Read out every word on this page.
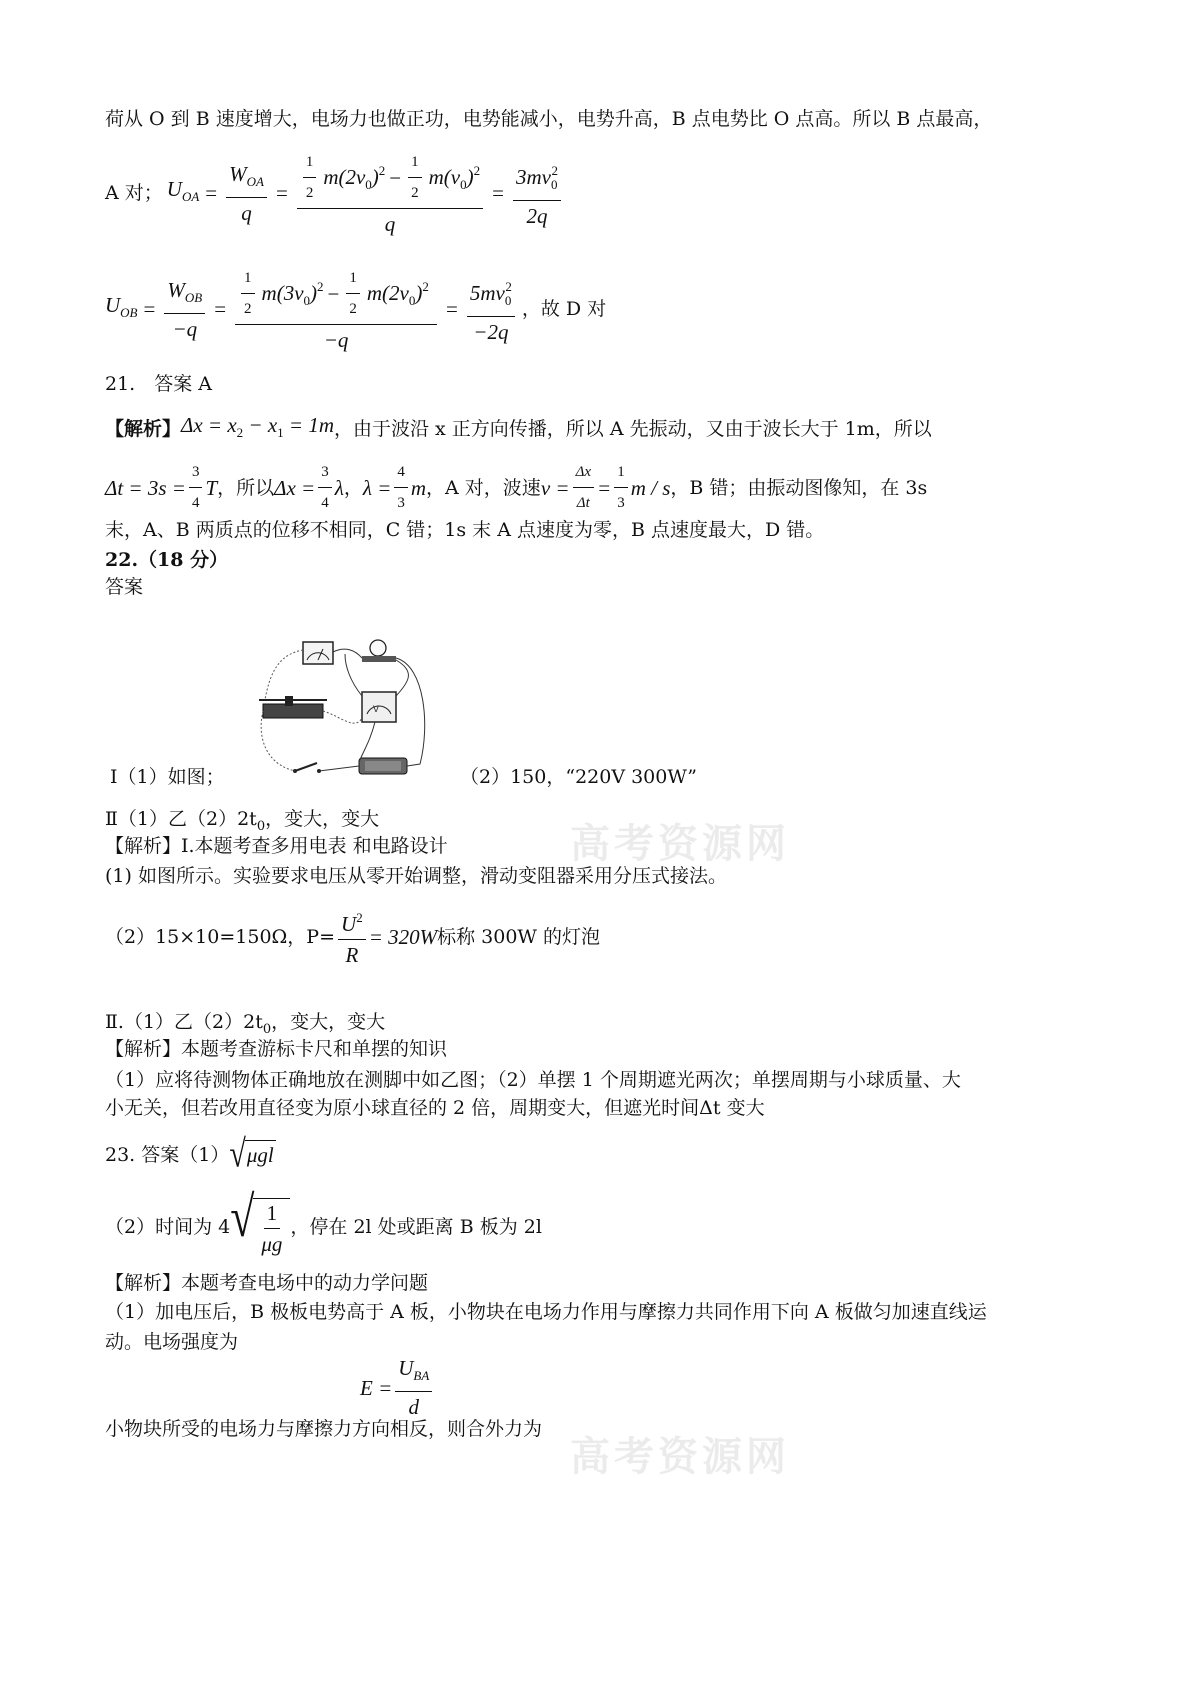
荷从 O 到 B 速度增大，电场力也做正功，电势能减小，电势升高，B 点电势比 O 点高。所以 B 点最高，
A 对； $U_{OA} = \frac{W_{OA}}{q} = \frac{\frac{1}{2} m(2v_0)^2 - \frac{1}{2} m(v_0)^2}{q} = \frac{3mv_0^2}{2q}$
$U_{OB} = \frac{W_{OB}}{-q} = \frac{\frac{1}{2} m(3v_0)^2 - \frac{1}{2} m(2v_0)^2}{-q} = \frac{5mv_0^2}{-2q}$ ，故 D 对
21.　答案 A
【解析】 $\Delta x = x_2 - x_1 = 1m$ ，由于波沿 x 正方向传播，所以 A 先振动，又由于波长大于 1m，所以
$\Delta t = 3s = \frac{3}{4}$ T ，所以 $\Delta x = \frac{3}{4}$ λ ， $\lambda = \frac{4}{3}$ m ，A 对，波速 $v = \frac{\Delta x}{\Delta t} = \frac{1}{3}$ m / s ，B 错；由振动图像知，在 3s
末，A、B 两质点的位移不相同，C 错；1s 末 A 点速度为零，B 点速度最大，D 错。
22.（18 分）
答案
V
Ⅰ（1）如图；	（2）150，“220V 300W”
Ⅱ（1）乙$(2)2t_0$，变大，变大
【解析】Ⅰ.本题考查多用电表 和电路设计
(1) 如图所示。实验要求电压从零开始调整，滑动变阻器采用分压式接法。
（2）15×10=150Ω，$P= \frac{U^2}{R} = 320W$ 标称 300W 的灯泡
Ⅱ.（1）乙$(2)2t_0$，变大，变大
【解析】本题考查游标卡尺和单摆的知识
（1）应将待测物体正确地放在测脚中如乙图；（2）单摆 1 个周期遮光两次；单摆周期与小球质量、大
小无关，但若改用直径变为原小球直径的 2 倍，周期变大，但遮光时间Δt 变大
23. 答案（1） √ μgl
（2）时间为 4 √ $\frac{1}{\mu g}$ ，停在 2l 处或距离 B 板为 2l
【解析】本题考查电场中的动力学问题
（1）加电压后，B 极板电势高于 A 板，小物块在电场力作用与摩擦力共同作用下向 A 板做匀加速直线运
动。电场强度为
$E = \frac{U_{BA}}{d}$
小物块所受的电场力与摩擦力方向相反，则合外力为
高考资源网
高考资源网
